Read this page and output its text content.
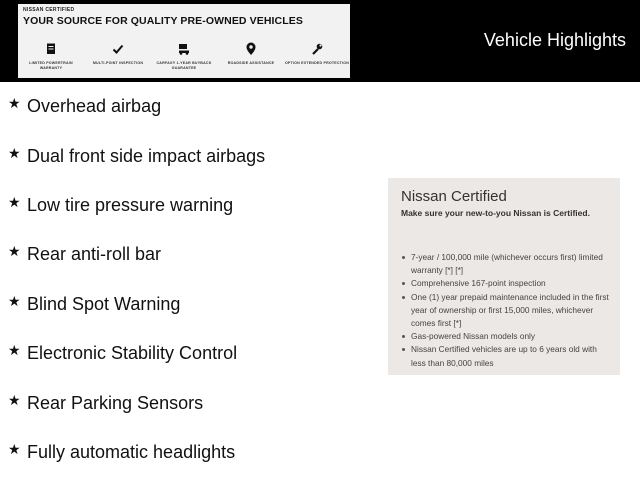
NISSAN CERTIFIED
YOUR SOURCE FOR QUALITY PRE-OWNED VEHICLES
LIMITED POWERTRAIN WARRANTY
MULTI-POINT INSPECTION	CARFAX® 1-YEAR BUYBACK GUARANTEE
ROADSIDE ASSISTANCE	OPTION EXTENDED PROTECTION
Vehicle Highlights
★ Overhead airbag
★ Dual front side impact airbags
★ Low tire pressure warning
★ Rear anti-roll bar
★ Blind Spot Warning
★ Electronic Stability Control
★ Rear Parking Sensors
★ Fully automatic headlights
Nissan Certified
Make sure your new-to-you Nissan is Certified.
7-year / 100,000 mile (whichever occurs first) limited warranty [*] [*]
Comprehensive 167-point inspection
One (1) year prepaid maintenance included in the first year of ownership or first 15,000 miles, whichever comes first [*]
Gas-powered Nissan models only
Nissan Certified vehicles are up to 6 years old with less than 80,000 miles
